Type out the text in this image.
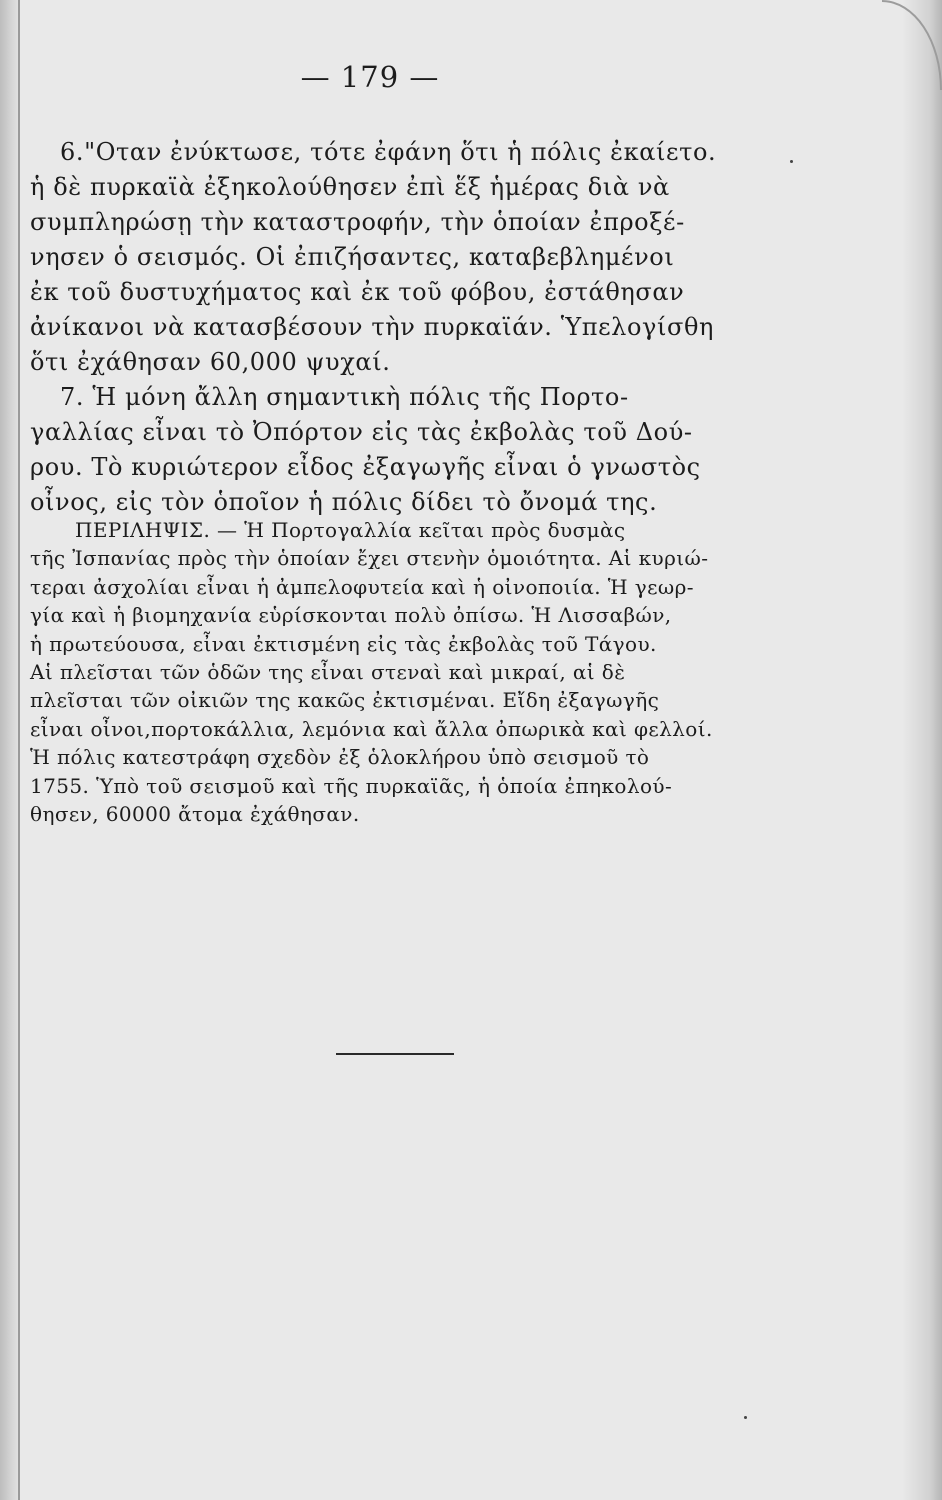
— 179 —

6."Οταν ἐνύκτωσε, τότε ἐφάνη ὅτι ἡ πόλις ἐκαίετο.

ἡ δὲ πυρκαϊὰ ἐξηκολούθησεν ἐπὶ ἕξ ἡμέρας διὰ νὰ

συμπληρώσῃ τὴν καταστροφήν, τὴν ὁποίαν ἐπροξέ-

νησεν ὁ σεισμός. Οἱ ἐπιζήσαντες, καταβεβλημένοι

ἐκ τοῦ δυστυχήματος καὶ ἐκ τοῦ φόβου, ἐστάθησαν

ἀνίκανοι νὰ κατασβέσουν τὴν πυρκαϊάν. Ὑπελογίσθη

ὅτι ἐχάθησαν 60,000 ψυχαί.

7. Ἡ μόνη ἄλλη σημαντικὴ πόλις τῆς Πορτο-

γαλλίας εἶναι τὸ Ὀπόρτον εἰς τὰς ἐκβολὰς τοῦ Δού-

ρου. Τὸ κυριώτερον εἶδος ἐξαγωγῆς εἶναι ὁ γνωστὸς

οἶνος, εἰς τὸν ὁποῖον ἡ πόλις δίδει τὸ ὄνομά της.

ΠΕΡΙΛΗΨΙΣ. — Ἡ Πορτογαλλία κεῖται πρὸς δυσμὰς

τῆς Ἰσπανίας πρὸς τὴν ὁποίαν ἔχει στενὴν ὁμοιότητα. Αἱ κυριώ-

τεραι ἀσχολίαι εἶναι ἡ ἀμπελοφυτεία καὶ ἡ οἰνοποιία. Ἡ γεωρ-

γία καὶ ἡ βιομηχανία εὑρίσκονται πολὺ ὀπίσω. Ἡ Λισσαβών,

ἡ πρωτεύουσα, εἶναι ἐκτισμένη εἰς τὰς ἐκβολὰς τοῦ Τάγου.

Αἱ πλεῖσται τῶν ὁδῶν της εἶναι στεναὶ καὶ μικραί, αἱ δὲ

πλεῖσται τῶν οἰκιῶν της κακῶς ἐκτισμέναι. Εἴδη ἐξαγωγῆς

εἶναι οἶνοι,πορτοκάλλια, λεμόνια καὶ ἄλλα ὀπωρικὰ καὶ φελλοί.

Ἡ πόλις κατεστράφη σχεδὸν ἐξ ὁλοκλήρου ὑπὸ σεισμοῦ τὸ

1755. Ὑπὸ τοῦ σεισμοῦ καὶ τῆς πυρκαϊᾶς, ἡ ὁποία ἐπηκολού-

θησεν, 60000 ἄτομα ἐχάθησαν.
